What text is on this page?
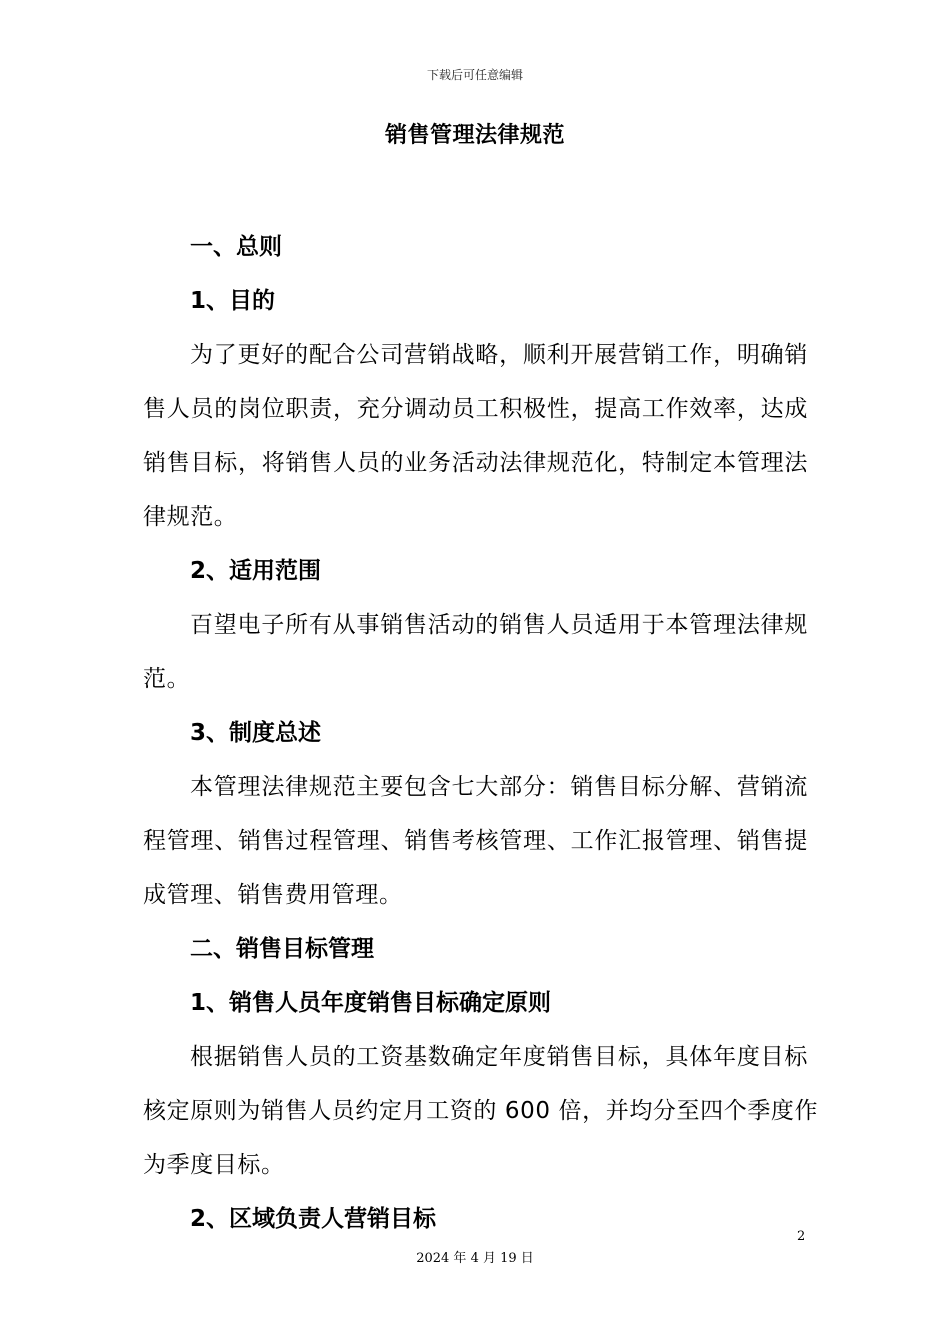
下载后可任意编辑
销售管理法律规范
一、总则
1、目的
为了更好的配合公司营销战略，顺利开展营销工作，明确销
售人员的岗位职责，充分调动员工积极性，提高工作效率，达成
销售目标，将销售人员的业务活动法律规范化，特制定本管理法
律规范。
2、适用范围
百望电子所有从事销售活动的销售人员适用于本管理法律规
范。
3、制度总述
本管理法律规范主要包含七大部分：销售目标分解、营销流
程管理、销售过程管理、销售考核管理、工作汇报管理、销售提
成管理、销售费用管理。
二、销售目标管理
1、销售人员年度销售目标确定原则
根据销售人员的工资基数确定年度销售目标，具体年度目标
核定原则为销售人员约定月工资的 600 倍，并均分至四个季度作
为季度目标。
2、区域负责人营销目标
2
2024 年 4 月 19 日
